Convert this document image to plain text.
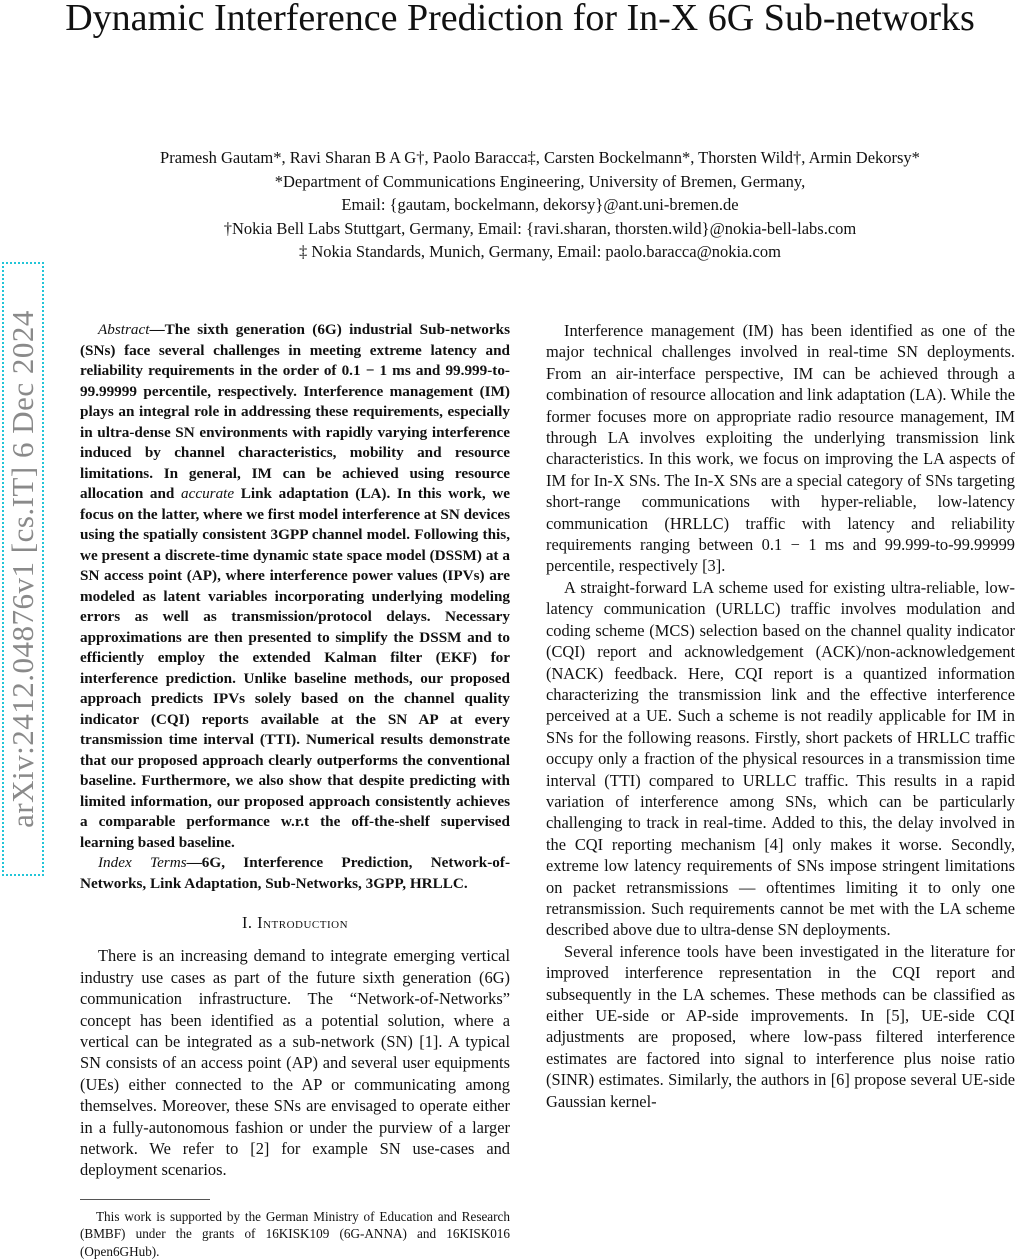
Dynamic Interference Prediction for In-X 6G Sub-networks
Pramesh Gautam*, Ravi Sharan B A G†, Paolo Baracca‡, Carsten Bockelmann*, Thorsten Wild†, Armin Dekorsy*
*Department of Communications Engineering, University of Bremen, Germany,
Email: {gautam, bockelmann, dekorsy}@ant.uni-bremen.de
†Nokia Bell Labs Stuttgart, Germany, Email: {ravi.sharan, thorsten.wild}@nokia-bell-labs.com
‡ Nokia Standards, Munich, Germany, Email: paolo.baracca@nokia.com
arXiv:2412.04876v1 [cs.IT] 6 Dec 2024	Abstract—The sixth generation (6G) industrial Sub-networks (SNs) face several challenges in meeting extreme latency and reliability requirements in the order of 0.1 − 1 ms and 99.999-to-99.99999 percentile, respectively. Interference management (IM) plays an integral role in addressing these requirements, especially in ultra-dense SN environments with rapidly varying interference induced by channel characteristics, mobility and resource limitations. In general, IM can be achieved using resource allocation and accurate Link adaptation (LA). In this work, we focus on the latter, where we first model interference at SN devices using the spatially consistent 3GPP channel model. Following this, we present a discrete-time dynamic state space model (DSSM) at a SN access point (AP), where interference power values (IPVs) are modeled as latent variables incorporating underlying modeling errors as well as transmission/protocol delays. Necessary approximations are then presented to simplify the DSSM and to efficiently employ the extended Kalman filter (EKF) for interference prediction. Unlike baseline methods, our proposed approach predicts IPVs solely based on the channel quality indicator (CQI) reports available at the SN AP at every transmission time interval (TTI). Numerical results demonstrate that our proposed approach clearly outperforms the conventional baseline. Furthermore, we also show that despite predicting with limited information, our proposed approach consistently achieves a comparable performance w.r.t the off-the-shelf supervised learning based baseline.

Index Terms—6G, Interference Prediction, Network-of-Networks, Link Adaptation, Sub-Networks, 3GPP, HRLLC.

I. Introduction

There is an increasing demand to integrate emerging vertical industry use cases as part of the future sixth generation (6G) communication infrastructure. The “Network-of-Networks” concept has been identified as a potential solution, where a vertical can be integrated as a sub-network (SN) [1]. A typical SN consists of an access point (AP) and several user equipments (UEs) either connected to the AP or communicating among themselves. Moreover, these SNs are envisaged to operate either in a fully-autonomous fashion or under the purview of a larger network. We refer to [2] for example SN use-cases and deployment scenarios.

This work is supported by the German Ministry of Education and Research (BMBF) under the grants of 16KISK109 (6G-ANNA) and 16KISK016 (Open6GHub).

Interference management (IM) has been identified as one of the major technical challenges involved in real-time SN deployments. From an air-interface perspective, IM can be achieved through a combination of resource allocation and link adaptation (LA). While the former focuses more on appropriate radio resource management, IM through LA involves exploiting the underlying transmission link characteristics. In this work, we focus on improving the LA aspects of IM for In-X SNs. The In-X SNs are a special category of SNs targeting short-range communications with hyper-reliable, low-latency communication (HRLLC) traffic with latency and reliability requirements ranging between 0.1 − 1 ms and 99.999-to-99.99999 percentile, respectively [3].

A straight-forward LA scheme used for existing ultra-reliable, low-latency communication (URLLC) traffic involves modulation and coding scheme (MCS) selection based on the channel quality indicator (CQI) report and acknowledgement (ACK)/non-acknowledgement (NACK) feedback. Here, CQI report is a quantized information characterizing the transmission link and the effective interference perceived at a UE. Such a scheme is not readily applicable for IM in SNs for the following reasons. Firstly, short packets of HRLLC traffic occupy only a fraction of the physical resources in a transmission time interval (TTI) compared to URLLC traffic. This results in a rapid variation of interference among SNs, which can be particularly challenging to track in real-time. Added to this, the delay involved in the CQI reporting mechanism [4] only makes it worse. Secondly, extreme low latency requirements of SNs impose stringent limitations on packet retransmissions — oftentimes limiting it to only one retransmission. Such requirements cannot be met with the LA scheme described above due to ultra-dense SN deployments.

Several inference tools have been investigated in the literature for improved interference representation in the CQI report and subsequently in the LA schemes. These methods can be classified as either UE-side or AP-side improvements. In [5], UE-side CQI adjustments are proposed, where low-pass filtered interference estimates are factored into signal to interference plus noise ratio (SINR) estimates. Similarly, the authors in [6] propose several UE-side Gaussian kernel-
